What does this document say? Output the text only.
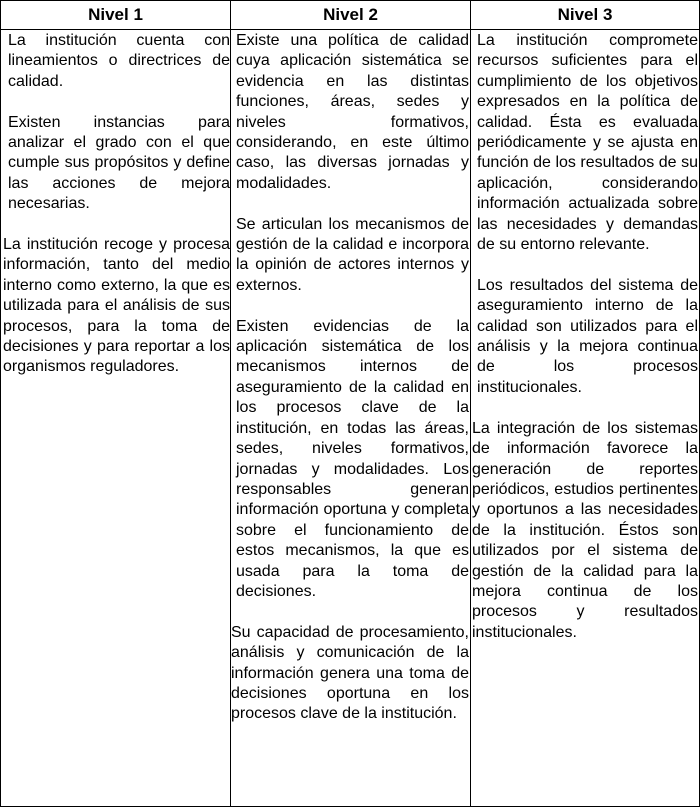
Nivel 1	Nivel 2	Nivel 3

La institución cuenta con lineamientos o directrices de calidad.

Existen instancias para analizar el grado con el que cumple sus propósitos y define las acciones de mejora necesarias.

La institución recoge y procesa información, tanto del medio interno como externo, la que es utilizada para el análisis de sus procesos, para la toma de decisiones y para reportar a los organismos reguladores.

Existe una política de calidad cuya aplicación sistemática se evidencia en las distintas funciones, áreas, sedes y niveles formativos, considerando, en este último caso, las diversas jornadas y modalidades.

Se articulan los mecanismos de gestión de la calidad e incorpora la opinión de actores internos y externos.

Existen evidencias de la aplicación sistemática de los mecanismos internos de aseguramiento de la calidad en los procesos clave de la institución, en todas las áreas, sedes, niveles formativos, jornadas y modalidades. Los responsables generan información oportuna y completa sobre el funcionamiento de estos mecanismos, la que es usada para la toma de decisiones.

Su capacidad de procesamiento, análisis y comunicación de la información genera una toma de decisiones oportuna en los procesos clave de la institución.

La institución compromete recursos suficientes para el cumplimiento de los objetivos expresados en la política de calidad. Ésta es evaluada periódicamente y se ajusta en función de los resultados de su aplicación, considerando información actualizada sobre las necesidades y demandas de su entorno relevante.

Los resultados del sistema de aseguramiento interno de la calidad son utilizados para el análisis y la mejora continua de los procesos institucionales.

La integración de los sistemas de información favorece la generación de reportes periódicos, estudios pertinentes y oportunos a las necesidades de la institución. Éstos son utilizados por el sistema de gestión de la calidad para la mejora continua de los procesos y resultados institucionales.
